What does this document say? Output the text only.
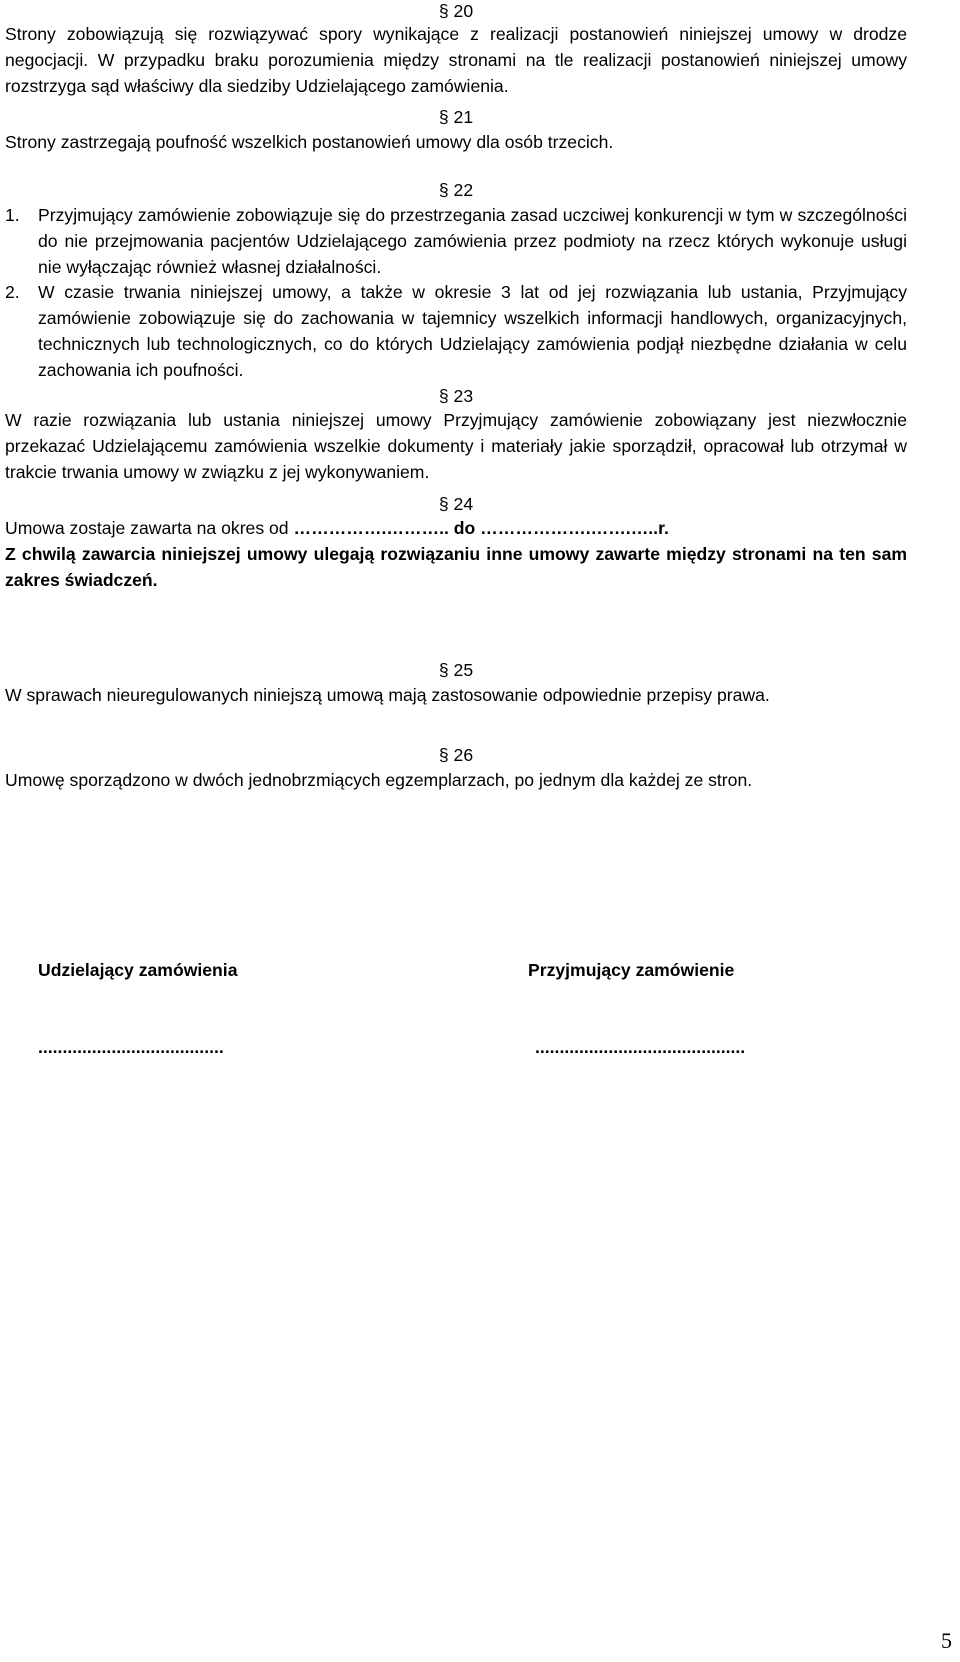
§ 20

Strony zobowiązują się rozwiązywać spory wynikające z realizacji postanowień niniejszej umowy w drodze negocjacji. W przypadku braku porozumienia między stronami na tle realizacji postanowień niniejszej umowy rozstrzyga sąd właściwy dla siedziby Udzielającego zamówienia.

§ 21

Strony zastrzegają poufność wszelkich postanowień umowy dla osób trzecich.

§ 22
1. Przyjmujący zamówienie zobowiązuje się do przestrzegania zasad uczciwej konkurencji w tym w szczególności do nie przejmowania pacjentów Udzielającego zamówienia przez podmioty na rzecz których wykonuje usługi nie wyłączając również własnej działalności.
2. W czasie trwania niniejszej umowy, a także w okresie 3 lat od jej rozwiązania lub ustania, Przyjmujący zamówienie zobowiązuje się do zachowania w tajemnicy wszelkich informacji handlowych, organizacyjnych, technicznych lub technologicznych, co do których Udzielający zamówienia podjął niezbędne działania w celu zachowania ich poufności.
§ 23

W razie rozwiązania lub ustania niniejszej umowy Przyjmujący zamówienie zobowiązany jest niezwłocznie przekazać Udzielającemu zamówienia wszelkie dokumenty i materiały jakie sporządził, opracował lub otrzymał w trakcie trwania umowy w związku z jej wykonywaniem.

§ 24

Umowa zostaje zawarta na okres od …………….……….. do ……………….…….…..r.

Z chwilą zawarcia niniejszej umowy ulegają rozwiązaniu inne umowy zawarte między stronami na ten sam zakres świadczeń.

§ 25

W sprawach nieuregulowanych niniejszą umową mają zastosowanie odpowiednie przepisy prawa.

§ 26

Umowę sporządzono w dwóch jednobrzmiących egzemplarzach, po jednym dla każdej ze stron.

Udzielający zamówienia	Przyjmujący zamówienie
......................................	...........................................
5
